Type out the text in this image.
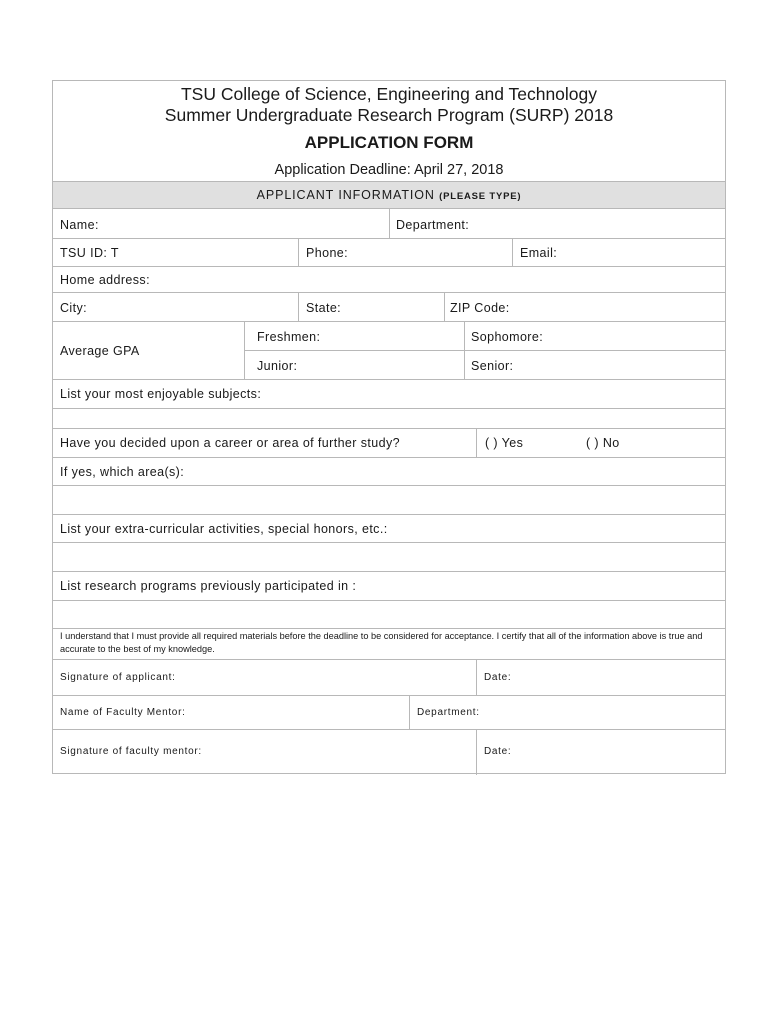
TSU College of Science, Engineering and Technology
Summer Undergraduate Research Program (SURP) 2018
APPLICATION FORM
Application Deadline: April 27, 2018
APPLICANT INFORMATION (PLEASE TYPE)
Name:	Department:
TSU ID: T	Phone:	Email:
Home address:
City:	State:	ZIP Code:
Average GPA
Freshmen:	Sophomore:
Junior:	Senior:
List your most enjoyable subjects:
Have you decided upon a career or area of further study?	( ) Yes	( ) No
If yes, which area(s):
List your extra-curricular activities, special honors, etc.:
List research programs previously participated in :
I understand that I must provide all required materials before the deadline to be considered for acceptance. I certify that all of the information above is true and accurate to the best of my knowledge.
Signature of applicant:	Date:
Name of Faculty Mentor:	Department:
Signature of faculty mentor:	Date:
